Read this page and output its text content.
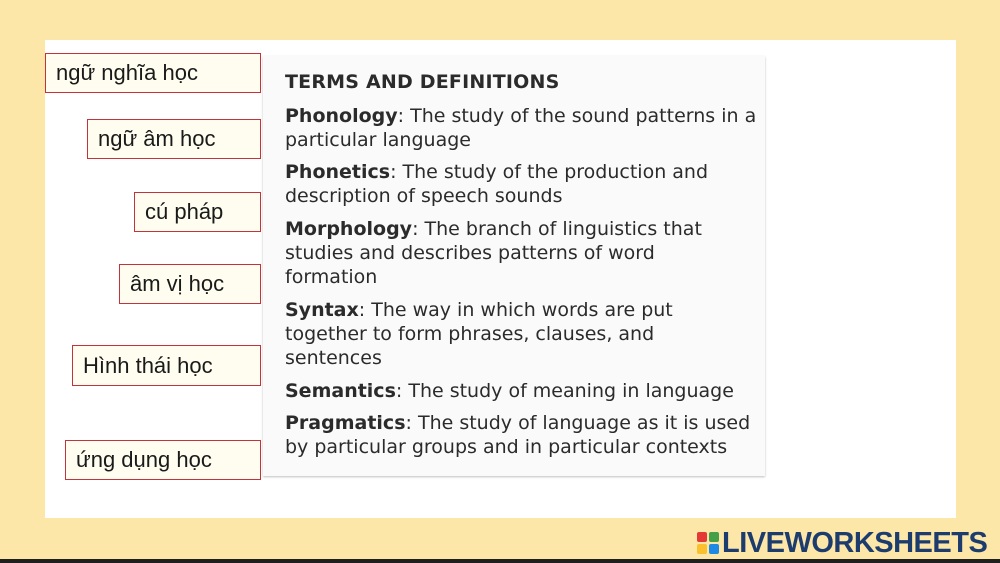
TERMS AND DEFINITIONS
Phonology: The study of the sound patterns in a particular language
Phonetics: The study of the production and description of speech sounds
Morphology: The branch of linguistics that studies and describes patterns of word formation
Syntax: The way in which words are put together to form phrases, clauses, and sentences
Semantics: The study of meaning in language
Pragmatics: The study of language as it is used by particular groups and in particular contexts
ngữ nghĩa học
ngữ âm học
cú pháp
âm vị học
Hình thái học
ứng dụng học
LIVEWORKSHEETS
